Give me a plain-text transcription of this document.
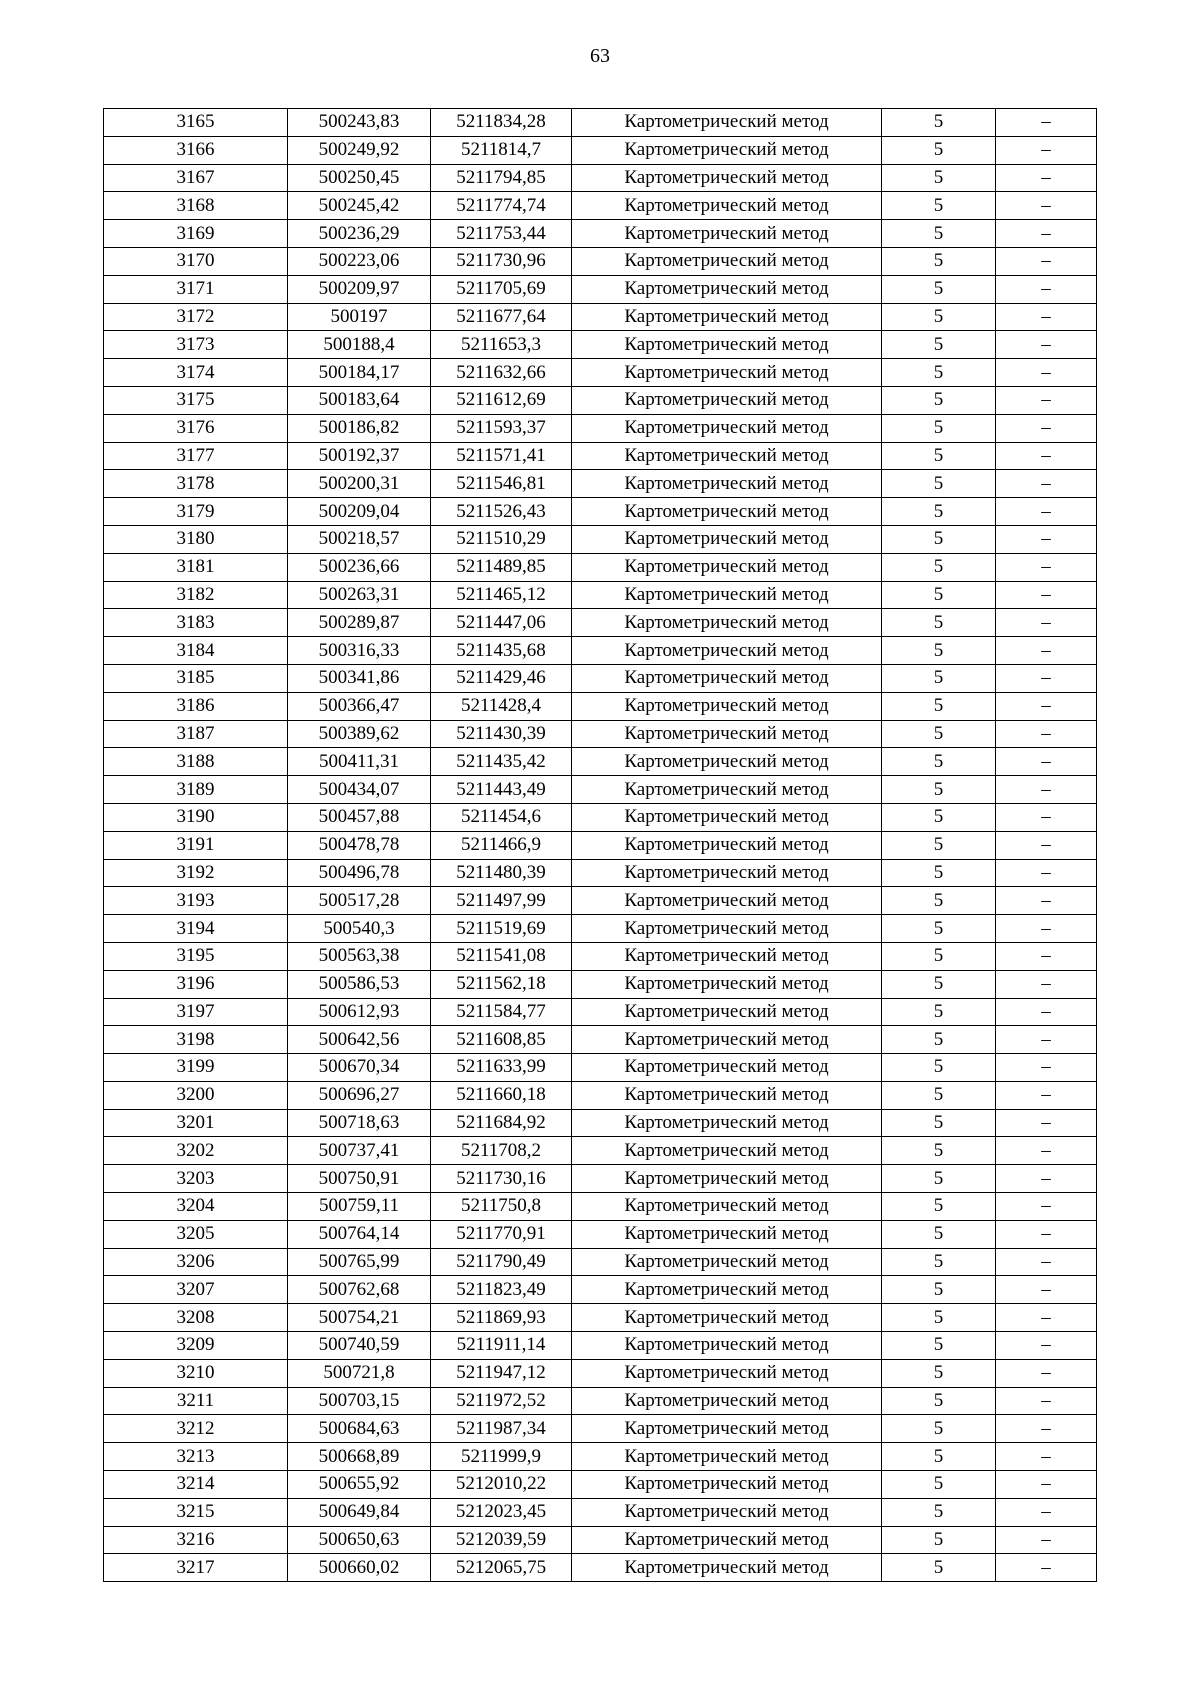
63
3165	500243,83	5211834,28	Картометрический метод	5	–
3166	500249,92	5211814,7	Картометрический метод	5	–
3167	500250,45	5211794,85	Картометрический метод	5	–
3168	500245,42	5211774,74	Картометрический метод	5	–
3169	500236,29	5211753,44	Картометрический метод	5	–
3170	500223,06	5211730,96	Картометрический метод	5	–
3171	500209,97	5211705,69	Картометрический метод	5	–
3172	500197	5211677,64	Картометрический метод	5	–
3173	500188,4	5211653,3	Картометрический метод	5	–
3174	500184,17	5211632,66	Картометрический метод	5	–
3175	500183,64	5211612,69	Картометрический метод	5	–
3176	500186,82	5211593,37	Картометрический метод	5	–
3177	500192,37	5211571,41	Картометрический метод	5	–
3178	500200,31	5211546,81	Картометрический метод	5	–
3179	500209,04	5211526,43	Картометрический метод	5	–
3180	500218,57	5211510,29	Картометрический метод	5	–
3181	500236,66	5211489,85	Картометрический метод	5	–
3182	500263,31	5211465,12	Картометрический метод	5	–
3183	500289,87	5211447,06	Картометрический метод	5	–
3184	500316,33	5211435,68	Картометрический метод	5	–
3185	500341,86	5211429,46	Картометрический метод	5	–
3186	500366,47	5211428,4	Картометрический метод	5	–
3187	500389,62	5211430,39	Картометрический метод	5	–
3188	500411,31	5211435,42	Картометрический метод	5	–
3189	500434,07	5211443,49	Картометрический метод	5	–
3190	500457,88	5211454,6	Картометрический метод	5	–
3191	500478,78	5211466,9	Картометрический метод	5	–
3192	500496,78	5211480,39	Картометрический метод	5	–
3193	500517,28	5211497,99	Картометрический метод	5	–
3194	500540,3	5211519,69	Картометрический метод	5	–
3195	500563,38	5211541,08	Картометрический метод	5	–
3196	500586,53	5211562,18	Картометрический метод	5	–
3197	500612,93	5211584,77	Картометрический метод	5	–
3198	500642,56	5211608,85	Картометрический метод	5	–
3199	500670,34	5211633,99	Картометрический метод	5	–
3200	500696,27	5211660,18	Картометрический метод	5	–
3201	500718,63	5211684,92	Картометрический метод	5	–
3202	500737,41	5211708,2	Картометрический метод	5	–
3203	500750,91	5211730,16	Картометрический метод	5	–
3204	500759,11	5211750,8	Картометрический метод	5	–
3205	500764,14	5211770,91	Картометрический метод	5	–
3206	500765,99	5211790,49	Картометрический метод	5	–
3207	500762,68	5211823,49	Картометрический метод	5	–
3208	500754,21	5211869,93	Картометрический метод	5	–
3209	500740,59	5211911,14	Картометрический метод	5	–
3210	500721,8	5211947,12	Картометрический метод	5	–
3211	500703,15	5211972,52	Картометрический метод	5	–
3212	500684,63	5211987,34	Картометрический метод	5	–
3213	500668,89	5211999,9	Картометрический метод	5	–
3214	500655,92	5212010,22	Картометрический метод	5	–
3215	500649,84	5212023,45	Картометрический метод	5	–
3216	500650,63	5212039,59	Картометрический метод	5	–
3217	500660,02	5212065,75	Картометрический метод	5	–
